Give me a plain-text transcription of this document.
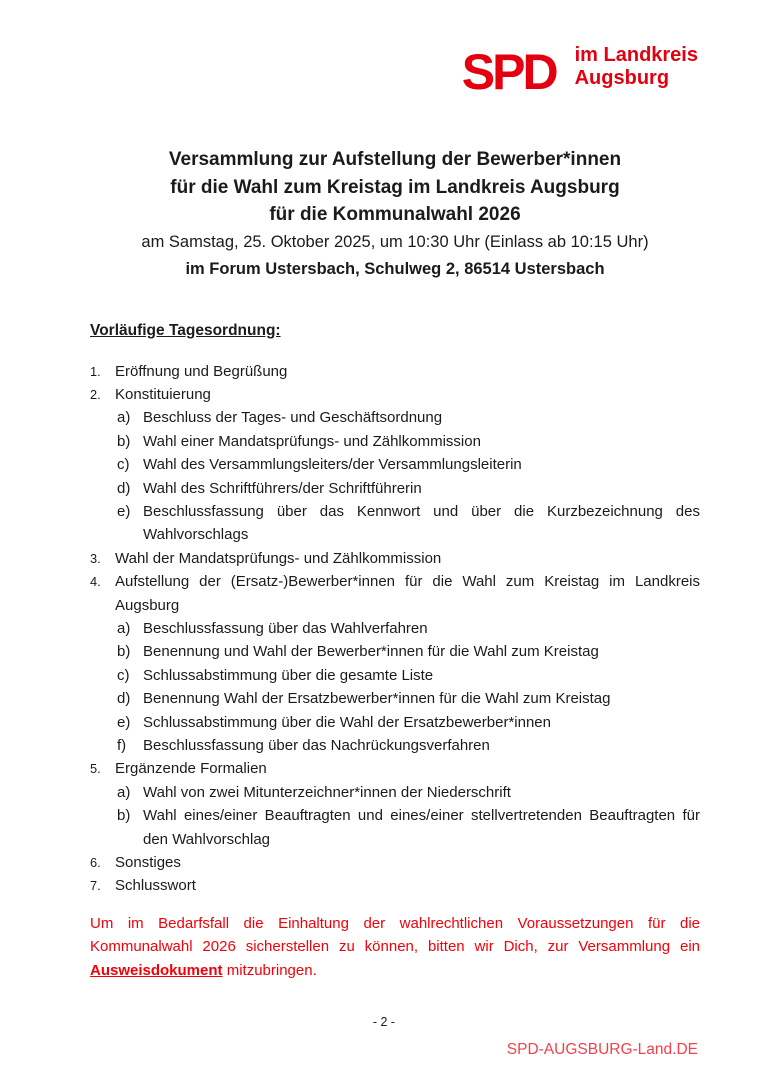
SPD im Landkreis
Augsburg
Versammlung zur Aufstellung der Bewerber*innen
für die Wahl zum Kreistag im Landkreis Augsburg
für die Kommunalwahl 2026
am Samstag, 25. Oktober 2025, um 10:30 Uhr (Einlass ab 10:15 Uhr)
im Forum Ustersbach, Schulweg 2, 86514 Ustersbach
Vorläufige Tagesordnung:
1. Eröffnung und Begrüßung
2. Konstituierung
a) Beschluss der Tages- und Geschäftsordnung
b) Wahl einer Mandatsprüfungs- und Zählkommission
c) Wahl des Versammlungsleiters/der Versammlungsleiterin
d) Wahl des Schriftführers/der Schriftführerin
e) Beschlussfassung über das Kennwort und über die Kurzbezeichnung des Wahlvorschlags
3. Wahl der Mandatsprüfungs- und Zählkommission
4. Aufstellung der (Ersatz-)Bewerber*innen für die Wahl zum Kreistag im Landkreis Augsburg
a) Beschlussfassung über das Wahlverfahren
b) Benennung und Wahl der Bewerber*innen für die Wahl zum Kreistag
c) Schlussabstimmung über die gesamte Liste
d) Benennung Wahl der Ersatzbewerber*innen für die Wahl zum Kreistag
e) Schlussabstimmung über die Wahl der Ersatzbewerber*innen
f)	Beschlussfassung über das Nachrückungsverfahren
5. Ergänzende Formalien
a) Wahl von zwei Mitunterzeichner*innen der Niederschrift
b) Wahl eines/einer Beauftragten und eines/einer stellvertretenden Beauftragten für den Wahlvorschlag
6. Sonstiges
7. Schlusswort

Um im Bedarfsfall die Einhaltung der wahlrechtlichen Voraussetzungen für die Kommunalwahl 2026 sicherstellen zu können, bitten wir Dich, zur Versammlung ein Ausweisdokument mitzubringen.

- 2 -
SPD-AUGSBURG-Land.DE
